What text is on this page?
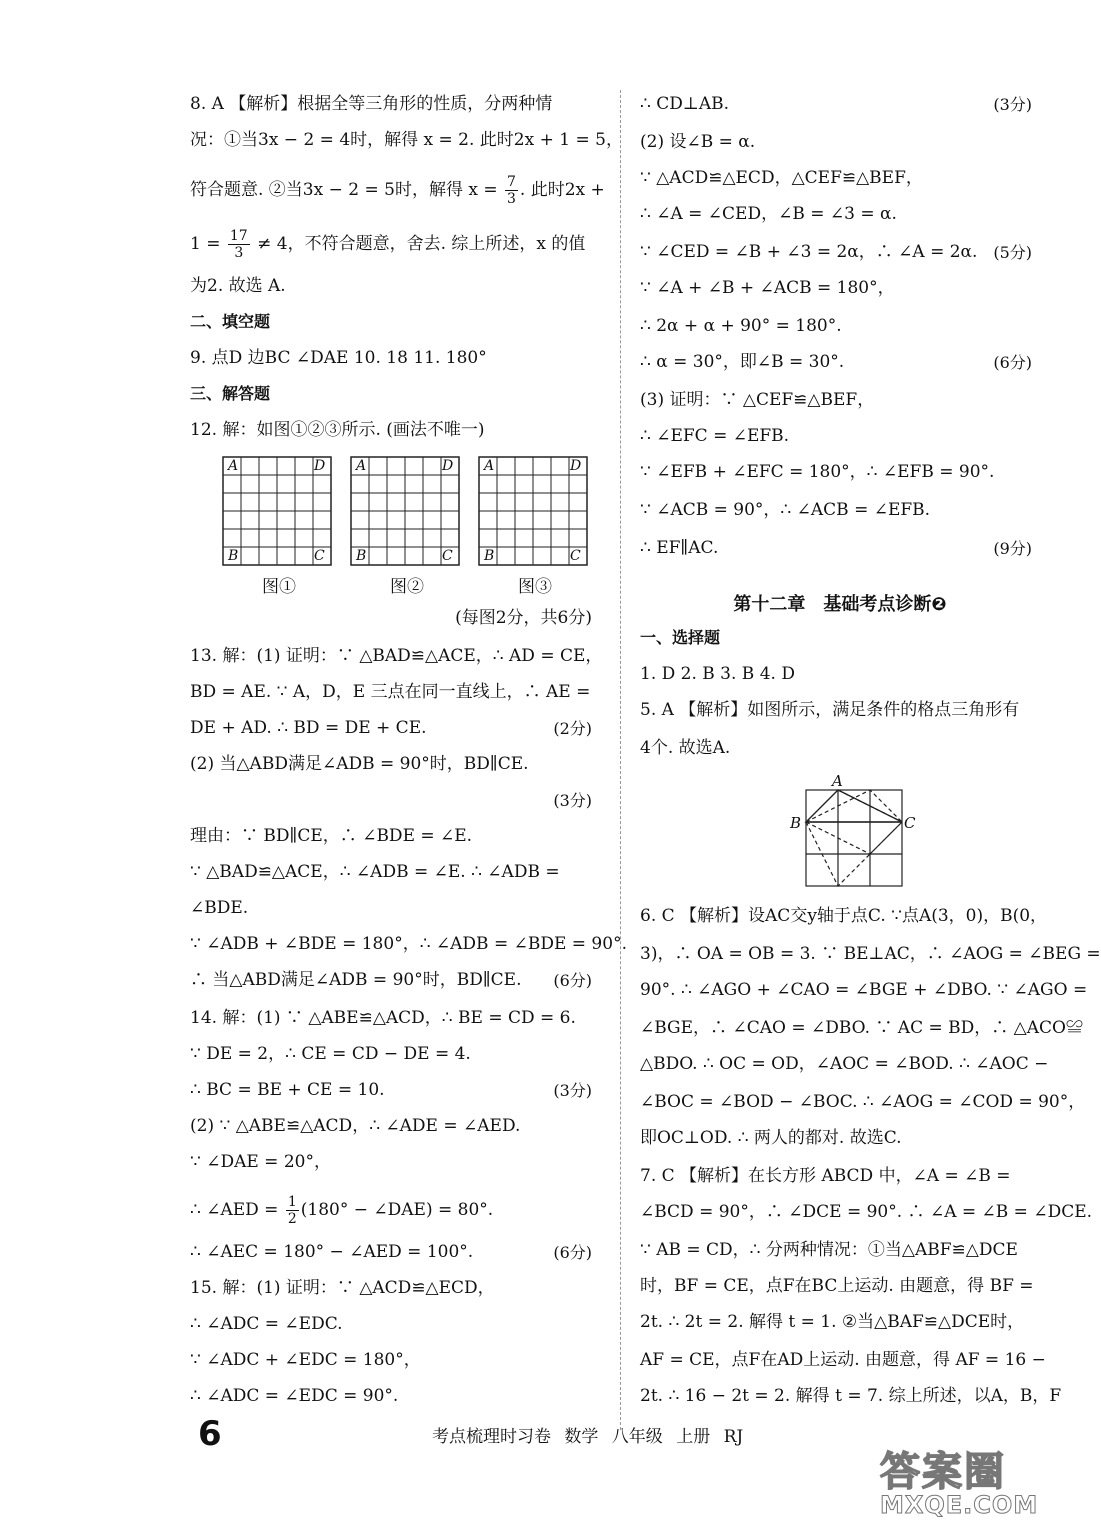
8. A 【解析】根据全等三角形的性质，分两种情
况：①当3x − 2 = 4时，解得 x = 2. 此时2x + 1 = 5，
符合题意. ②当3x − 2 = 5时，解得 $x = \frac{7}{3}$ . 此时2x +
$1 = \frac{17}{3} \ne 4$，不符合题意，舍去. 综上所述，x 的值
为2. 故选 A.
二、填空题
9. 点D 边BC ∠DAE 10. 18 11. 180°
三、解答题
12. 解：如图①②③所示. (画法不唯一)
(每图2分，共6分)
13. 解：(1) 证明：∵ △BAD≌△ACE，∴ AD = CE，
BD = AE. ∵ A，D，E 三点在同一直线上，∴ AE =
DE + AD. ∴ BD = DE + CE.	(2分)
(2) 当△ABD满足∠ADB = 90°时，BD∥CE.
(3分)
理由：∵ BD∥CE，∴ ∠BDE = ∠E.
∵ △BAD≌△ACE，∴ ∠ADB = ∠E. ∴ ∠ADB =
∠BDE.
∵ ∠ADB + ∠BDE = 180°，∴ ∠ADB = ∠BDE = 90°.
∴ 当△ABD满足∠ADB = 90°时，BD∥CE. (6分)
14. 解：(1) ∵ △ABE≌△ACD，∴ BE = CD = 6.
∵ DE = 2，∴ CE = CD − DE = 4.
∴ BC = BE + CE = 10.	(3分)
(2) ∵ △ABE≌△ACD，∴ ∠ADE = ∠AED.
∵ ∠DAE = 20°，
∴ ∠AED = $\frac{1}{2} (180^\circ$ − ∠DAE) = 80°.
∴ ∠AEC = 180° − ∠AED = 100°.	(6分)
15. 解：(1) 证明：∵ △ACD≌△ECD，
∴ ∠ADC = ∠EDC.
∵ ∠ADC + ∠EDC = 180°，
∴ ∠ADC = ∠EDC = 90°.
∴ CD⊥AB.	(3分)
(2) 设∠B = α.
∵ △ACD≌△ECD，△CEF≌△BEF，
∴ ∠A = ∠CED，∠B = ∠3 = α.
∵ ∠CED = ∠B + ∠3 = 2α，∴ ∠A = 2α. (5分)
∵ ∠A + ∠B + ∠ACB = 180°，
∴ 2α + α + 90° = 180°.
∴ α = 30°，即∠B = 30°.	(6分)
(3) 证明：∵ △CEF≌△BEF，
∴ ∠EFC = ∠EFB.
∵ ∠EFB + ∠EFC = 180°，∴ ∠EFB = 90°.
∵ ∠ACB = 90°，∴ ∠ACB = ∠EFB.
∴ EF∥AC.	(9分)
一、选择题
1. D 2. B 3. B 4. D
5. A 【解析】如图所示，满足条件的格点三角形有
4个. 故选A.
6. C 【解析】设AC交y轴于点C. ∵点A(3，0)，B(0，
3)，∴ OA = OB = 3. ∵ BE⊥AC，∴ ∠AOG = ∠BEG =
90°. ∴ ∠AGO + ∠CAO = ∠BGE + ∠DBO. ∵ ∠AGO =
∠BGE，∴ ∠CAO = ∠DBO. ∵ AC = BD，∴ △ACO≌
△BDO. ∴ OC = OD，∠AOC = ∠BOD. ∴ ∠AOC −
∠BOC = ∠BOD − ∠BOC. ∴ ∠AOG = ∠COD = 90°，
即OC⊥OD. ∴ 两人的都对. 故选C.
7. C 【解析】在长方形 ABCD 中，∠A = ∠B =
∠BCD = 90°，∴ ∠DCE = 90°. ∴ ∠A = ∠B = ∠DCE.
∵ AB = CD，∴ 分两种情况：①当△ABF≌△DCE
时，BF = CE，点F在BC上运动. 由题意，得 BF =
2t. ∴ 2t = 2. 解得 t = 1. ②当△BAF≌△DCE时，
AF = CE，点F在AD上运动. 由题意，得 AF = 16 −
2t. ∴ 16 − 2t = 2. 解得 t = 7. 综上所述，以A，B，F
A	D
B	C
A	D
B	C
A	D
B	C
图①	图②	图③
第十二章　基础考点诊断❷
A
B	C
6	考点梳理时习卷 数学 八年级 上册 RJ
答案圈
MXQE.COM
